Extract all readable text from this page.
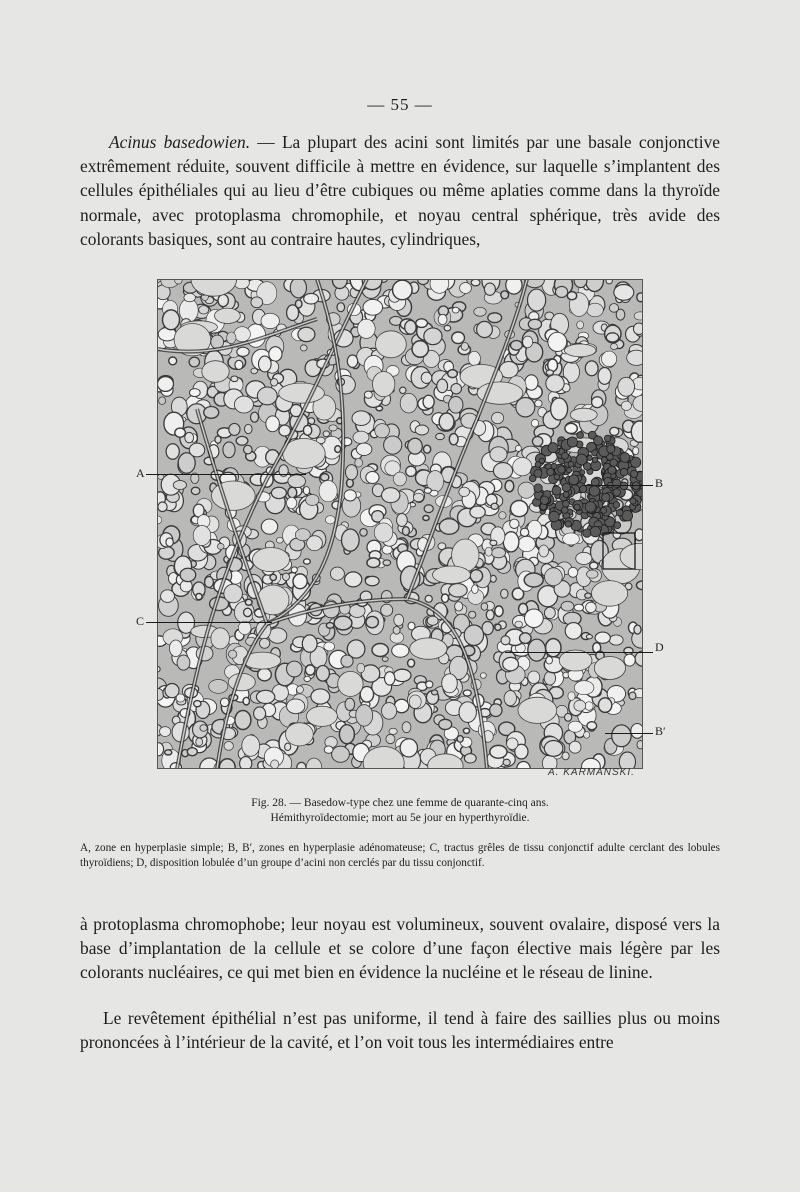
— 55 —

Acinus basedowien. — La plupart des acini sont limités par une basale conjonctive extrêmement réduite, souvent difficile à mettre en évidence, sur laquelle s’implantent des cellules épithéliales qui au lieu d’être cubiques ou même aplaties comme dans la thyroïde normale, avec protoplasma chromophile, et noyau central sphérique, très avide des colorants basiques, sont au contraire hautes, cylindriques,

A
B
C
D
B′
A. KARMANSKI.
Fig. 28. — Basedow-type chez une femme de quarante-cinq ans.
Hémithyroïdectomie; mort au 5e jour en hyperthyroïdie.

A, zone en hyperplasie simple; B, B′, zones en hyperplasie adénomateuse; C, tractus grêles de tissu conjonctif adulte cerclant des lobules thyroïdiens; D, disposition lobulée d’un groupe d’acini non cerclés par du tissu conjonctif.

à protoplasma chromophobe; leur noyau est volumineux, souvent ovalaire, disposé vers la base d’implantation de la cellule et se colore d’une façon élective mais légère par les colorants nucléaires, ce qui met bien en évidence la nucléine et le réseau de linine.

Le revêtement épithélial n’est pas uniforme, il tend à faire des saillies plus ou moins prononcées à l’intérieur de la cavité, et l’on voit tous les intermédiaires entre
